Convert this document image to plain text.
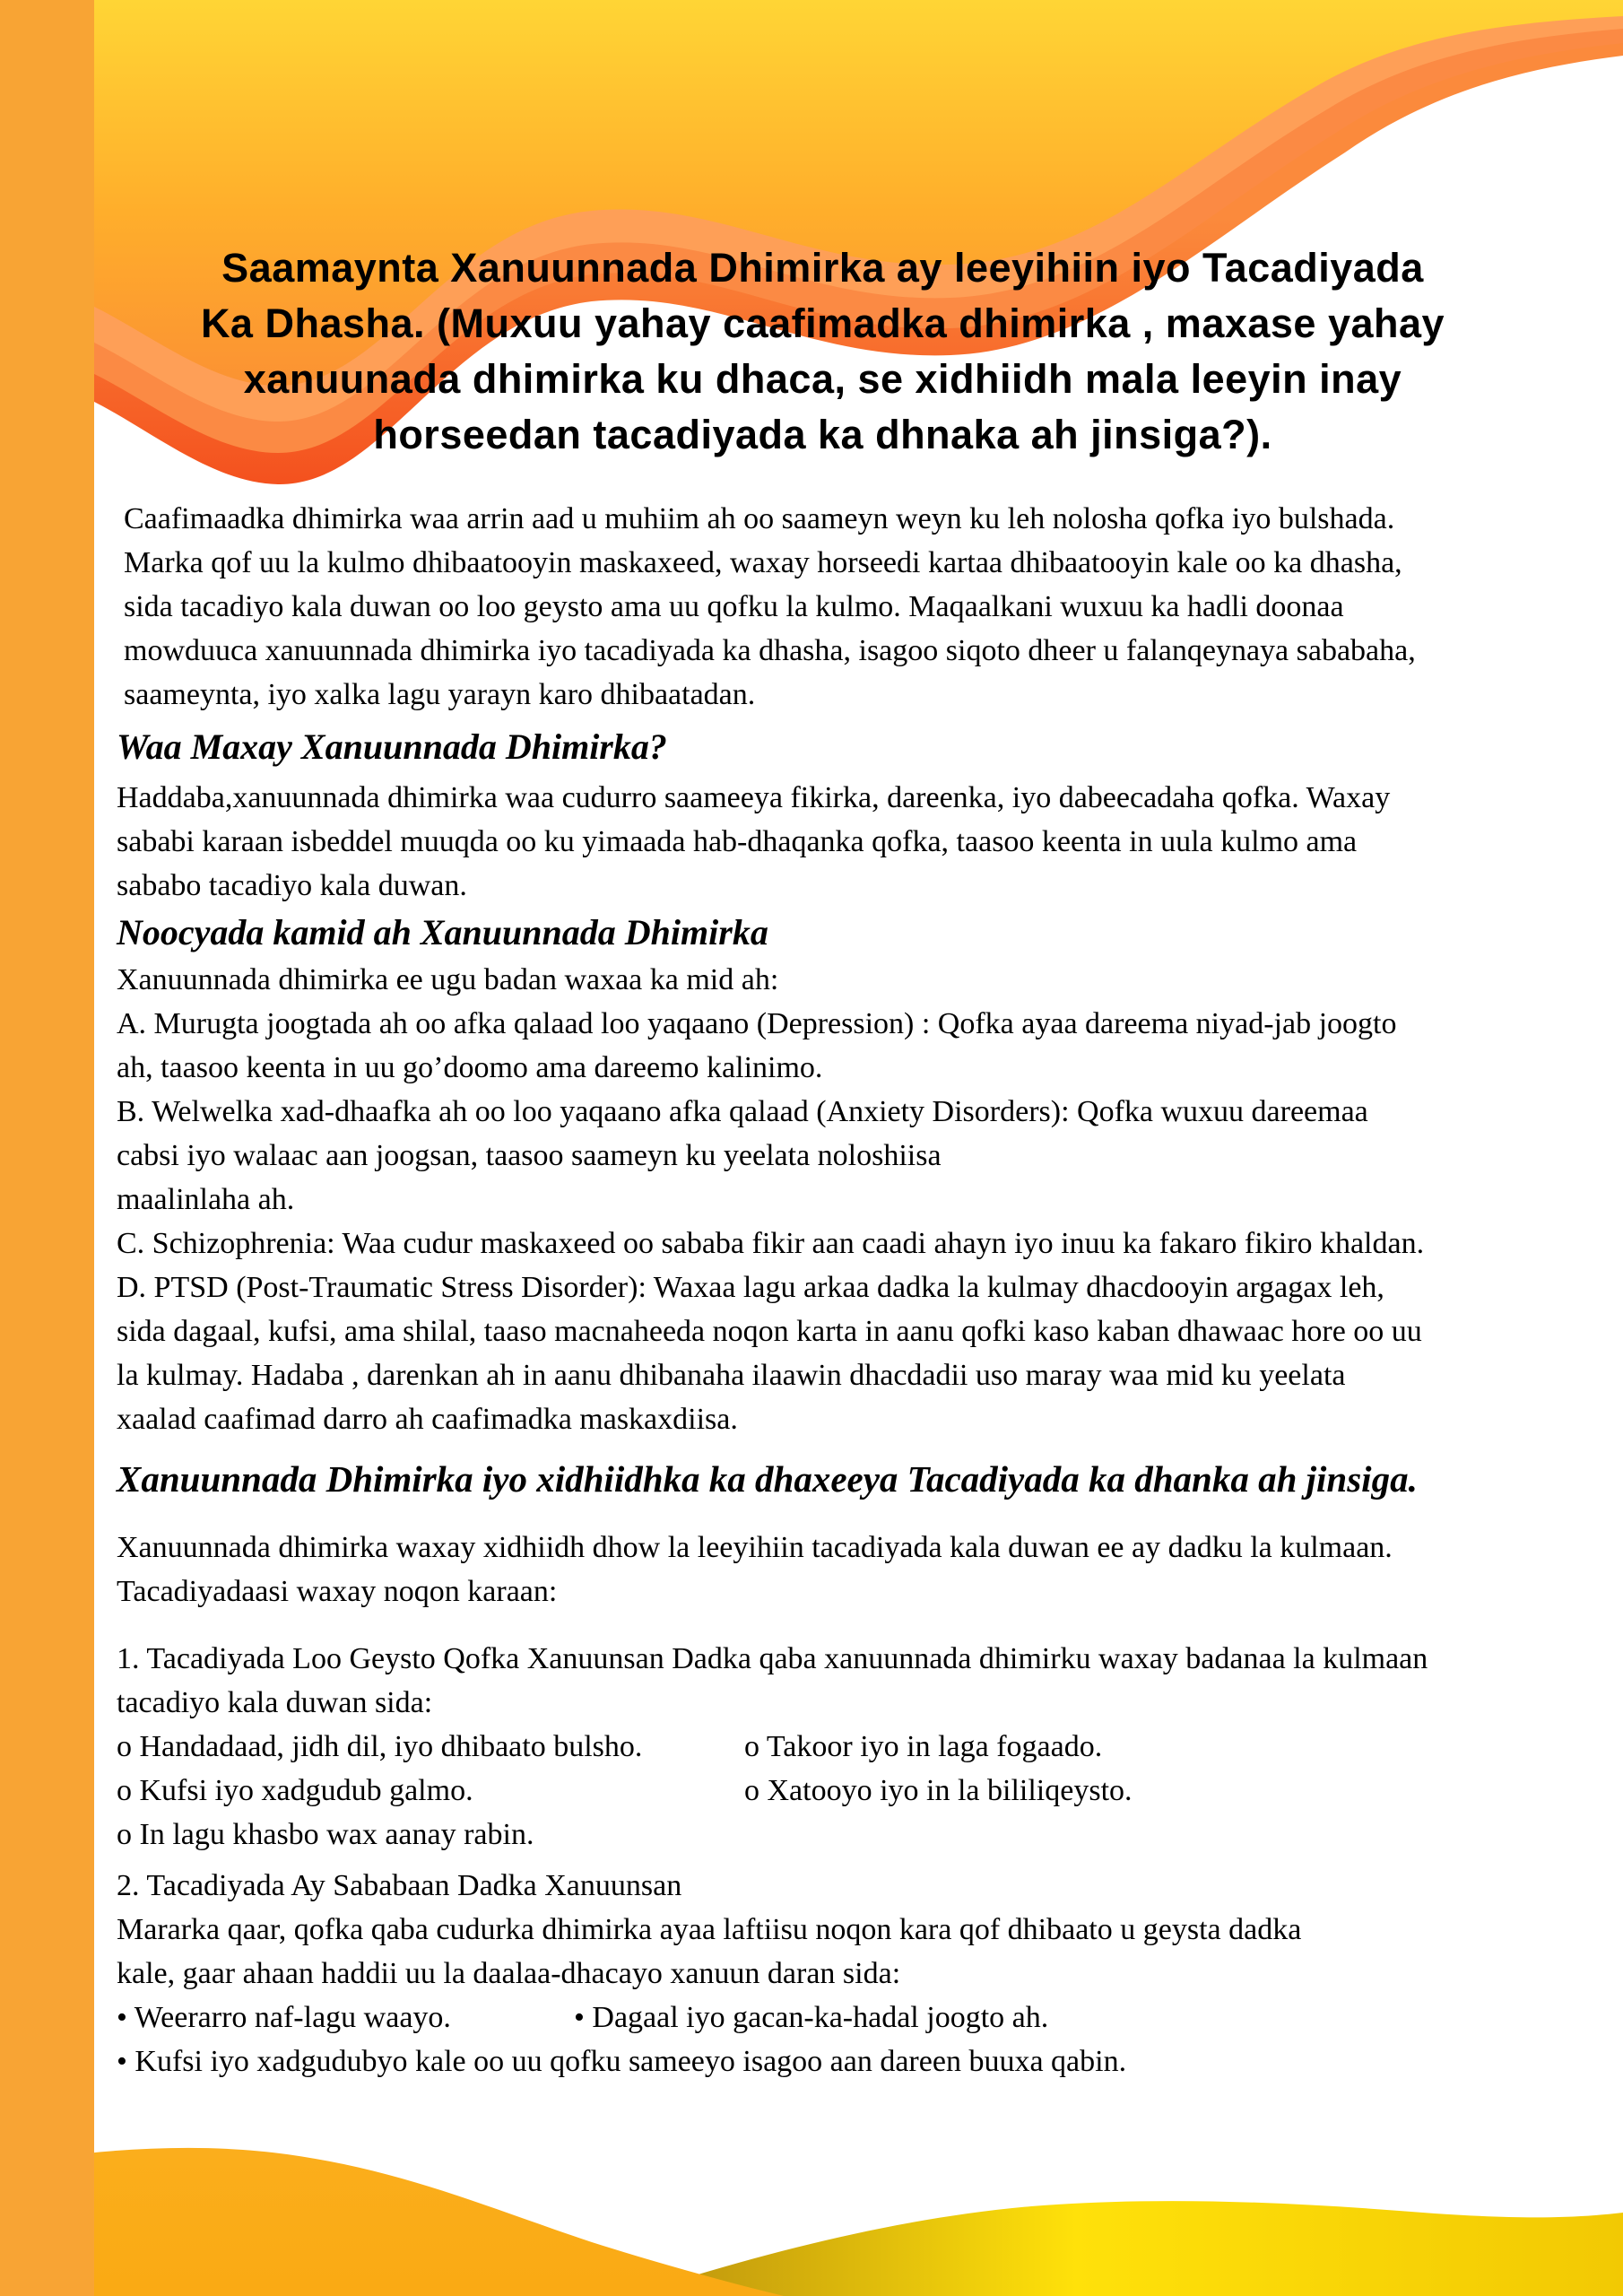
Saamaynta Xanuunnada Dhimirka ay leeyihiin iyo Tacadiyada
Ka Dhasha. (Muxuu yahay caafimadka dhimirka , maxase yahay
xanuunada dhimirka ku dhaca, se xidhiidh mala leeyin inay
horseedan tacadiyada ka dhnaka ah jinsiga?).
Caafimaadka dhimirka waa arrin aad u muhiim ah oo saameyn weyn ku leh nolosha qofka iyo bulshada.
Marka qof uu la kulmo dhibaatooyin maskaxeed, waxay horseedi kartaa dhibaatooyin kale oo ka dhasha,
sida tacadiyo kala duwan oo loo geysto ama uu qofku la kulmo. Maqaalkani wuxuu ka hadli doonaa
mowduuca xanuunnada dhimirka iyo tacadiyada ka dhasha, isagoo siqoto dheer u falanqeynaya sababaha,
saameynta, iyo xalka lagu yarayn karo dhibaatadan.
Waa Maxay Xanuunnada Dhimirka?
Haddaba,xanuunnada dhimirka waa cudurro saameeya fikirka, dareenka, iyo dabeecadaha qofka. Waxay
sababi karaan isbeddel muuqda oo ku yimaada hab-dhaqanka qofka, taasoo keenta in uula kulmo ama
sababo tacadiyo kala duwan.
Noocyada kamid ah Xanuunnada Dhimirka
Xanuunnada dhimirka ee ugu badan waxaa ka mid ah:
A. Murugta joogtada ah oo afka qalaad loo yaqaano (Depression) : Qofka ayaa dareema niyad-jab joogto
ah, taasoo keenta in uu go’doomo ama dareemo kalinimo.
B. Welwelka xad-dhaafka ah oo loo yaqaano afka qalaad (Anxiety Disorders): Qofka wuxuu dareemaa
cabsi iyo walaac aan joogsan, taasoo saameyn ku yeelata noloshiisa
maalinlaha ah.
C. Schizophrenia: Waa cudur maskaxeed oo sababa fikir aan caadi ahayn iyo inuu ka fakaro fikiro khaldan.
D. PTSD (Post-Traumatic Stress Disorder): Waxaa lagu arkaa dadka la kulmay dhacdooyin argagax leh,
sida dagaal, kufsi, ama shilal, taaso macnaheeda noqon karta in aanu qofki kaso kaban dhawaac hore oo uu
la kulmay. Hadaba , darenkan ah in aanu dhibanaha ilaawin dhacdadii uso maray waa mid ku yeelata
xaalad caafimad darro ah caafimadka maskaxdiisa.
Xanuunnada Dhimirka iyo xidhiidhka ka dhaxeeya Tacadiyada ka dhanka ah jinsiga.
Xanuunnada dhimirka waxay xidhiidh dhow la leeyihiin tacadiyada kala duwan ee ay dadku la kulmaan.
Tacadiyadaasi waxay noqon karaan:
1. Tacadiyada Loo Geysto Qofka Xanuunsan Dadka qaba xanuunnada dhimirku waxay badanaa la kulmaan
tacadiyo kala duwan sida:
o Handadaad, jidh dil, iyo dhibaato bulsho.	o Takoor iyo in laga fogaado.
o Kufsi iyo xadgudub galmo.	o Xatooyo iyo in la bililiqeysto.
o In lagu khasbo wax aanay rabin.
2. Tacadiyada Ay Sababaan Dadka Xanuunsan
Mararka qaar, qofka qaba cudurka dhimirka ayaa laftiisu noqon kara qof dhibaato u geysta dadka
kale, gaar ahaan haddii uu la daalaa-dhacayo xanuun daran sida:
• Weerarro naf-lagu waayo.	• Dagaal iyo gacan-ka-hadal joogto ah.
• Kufsi iyo xadgudubyo kale oo uu qofku sameeyo isagoo aan dareen buuxa qabin.
